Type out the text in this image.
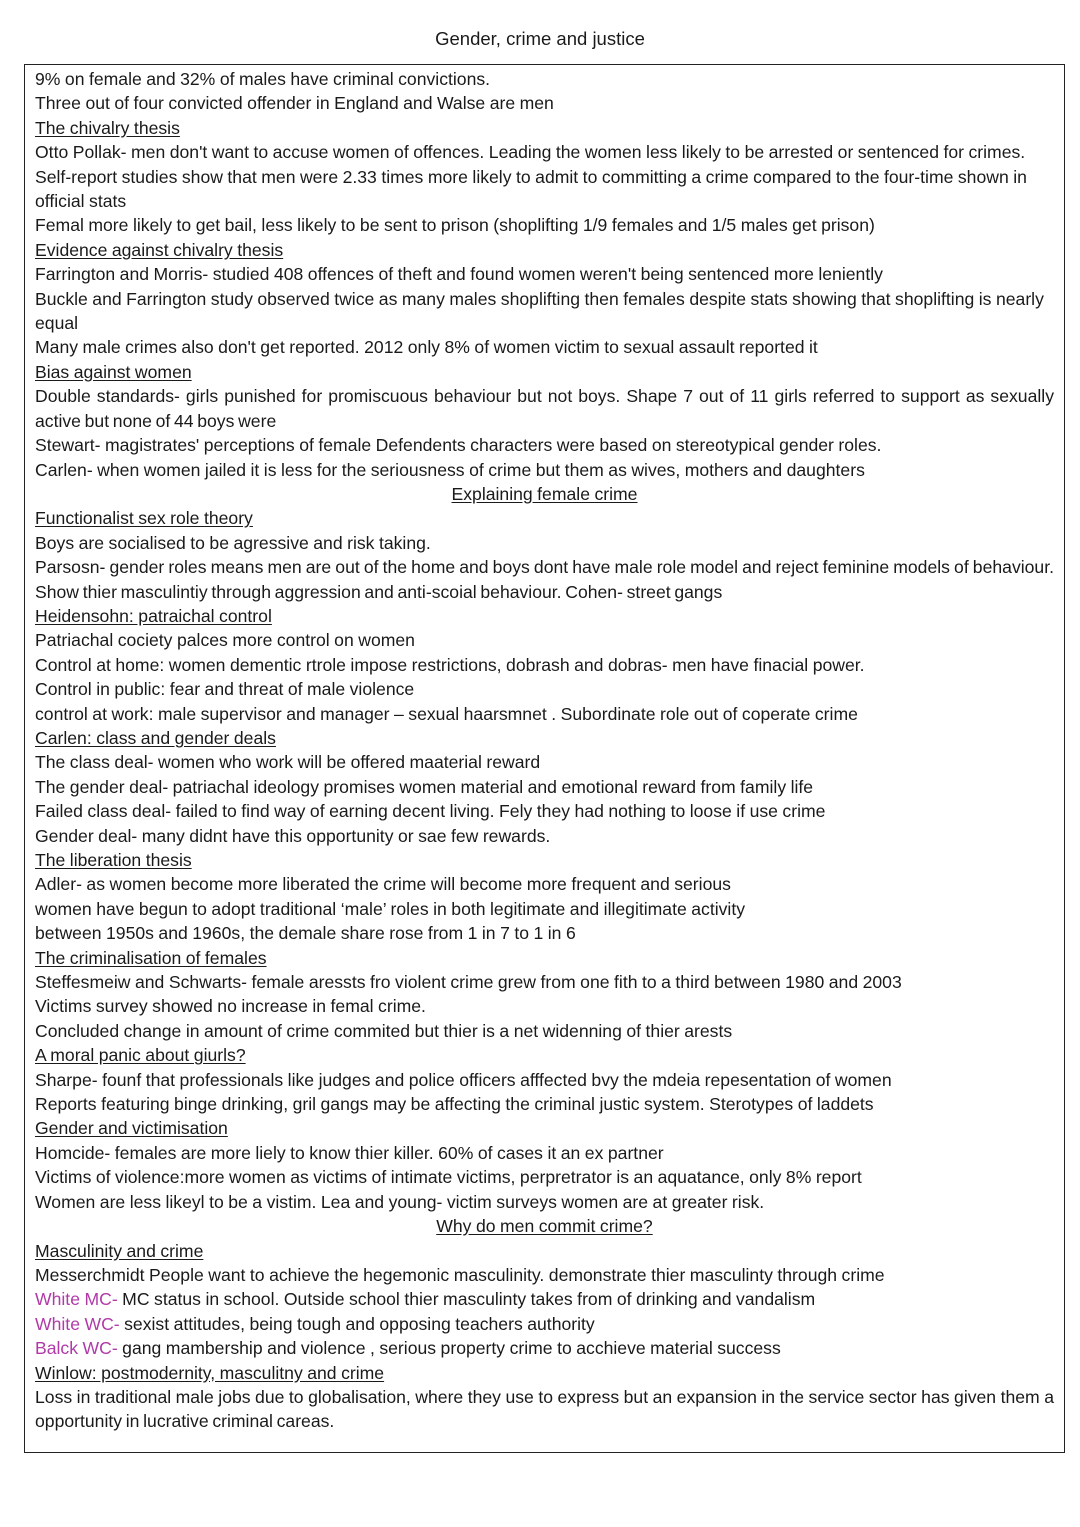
Gender, crime and justice
9% on female and 32% of males have criminal convictions.
Three out of four convicted offender in England and Walse are men
The chivalry thesis
Otto Pollak- men don't want to accuse women of offences. Leading the women less likely to be arrested or sentenced for crimes.
Self-report studies show that men were 2.33 times more likely to admit to committing a crime compared to the four-time shown in official stats
Femal more likely to get bail, less likely to be sent to prison (shoplifting 1/9 females and 1/5 males get prison)
Evidence against chivalry thesis
Farrington and Morris- studied 408 offences of theft and found women weren't being sentenced more leniently
Buckle and Farrington study observed twice as many males shoplifting then females despite stats showing that shoplifting is nearly equal
Many male crimes also don't get reported. 2012 only 8% of women victim to sexual assault reported it
Bias against women
Double standards- girls punished for promiscuous behaviour but not boys. Shape 7 out of 11 girls referred to support as sexually active but none of 44 boys were
Stewart- magistrates' perceptions of female Defendents characters were based on stereotypical gender roles.
Carlen- when women jailed it is less for the seriousness of crime but them as wives, mothers and daughters
Explaining female crime
Functionalist sex role theory
Boys are socialised to be agressive and risk taking.
Parsosn- gender roles means men are out of the home and boys dont have male role model and reject feminine models of behaviour. Show thier masculintiy through aggression and anti-scoial behaviour. Cohen- street gangs
Heidensohn: patraichal control
Patriachal cociety palces more control on women
Control at home: women dementic rtrole impose restrictions, dobrash and dobras- men have finacial power.
Control in public: fear and threat of male violence
control at work: male supervisor and manager – sexual haarsmnet . Subordinate role out of coperate crime
Carlen: class and gender deals
The class deal- women who work will be offered maaterial reward
The gender deal- patriachal ideology promises women material and emotional reward from family life
Failed class deal- failed to find way of earning decent living. Fely they had nothing to loose if use crime
Gender deal- many didnt have this opportunity or sae few rewards.
The liberation thesis
Adler- as women become more liberated the crime will become more frequent and serious
women have begun to adopt traditional ‘male’ roles in both legitimate and illegitimate activity
between 1950s and 1960s, the demale share rose from 1 in 7 to 1 in 6
The criminalisation of females
Steffesmeiw and Schwarts- female aressts fro violent crime grew from one fith to a third between 1980 and 2003
Victims survey showed no increase in femal crime.
Concluded change in amount of crime commited but thier is a net widenning of thier arests
A moral panic about giurls?
Sharpe- founf that professionals like judges and police officers afffected bvy the mdeia repesentation of women
Reports featuring binge drinking, gril gangs may be affecting the criminal justic system. Sterotypes of laddets
Gender and victimisation
Homcide- females are more liely to know thier killer. 60% of cases it an ex partner
Victims of violence:more women as victims of intimate victims, perpretrator is an aquatance, only 8% report
Women are less likeyl to be a vistim. Lea and young- victim surveys women are at greater risk.
Why do men commit crime?
Masculinity and crime
Messerchmidt People want to achieve the hegemonic masculinity. demonstrate thier masculinty through crime
White MC- MC status in school. Outside school thier masculinty takes from of drinking and vandalism
White WC- sexist attitudes, being tough and opposing teachers authority
Balck WC- gang mambership and violence , serious property crime to acchieve material success
Winlow: postmodernity, masculitny and crime
Loss in traditional male jobs due to globalisation, where they use to express but an expansion in the service sector has given them a opportunity in lucrative criminal careas.
